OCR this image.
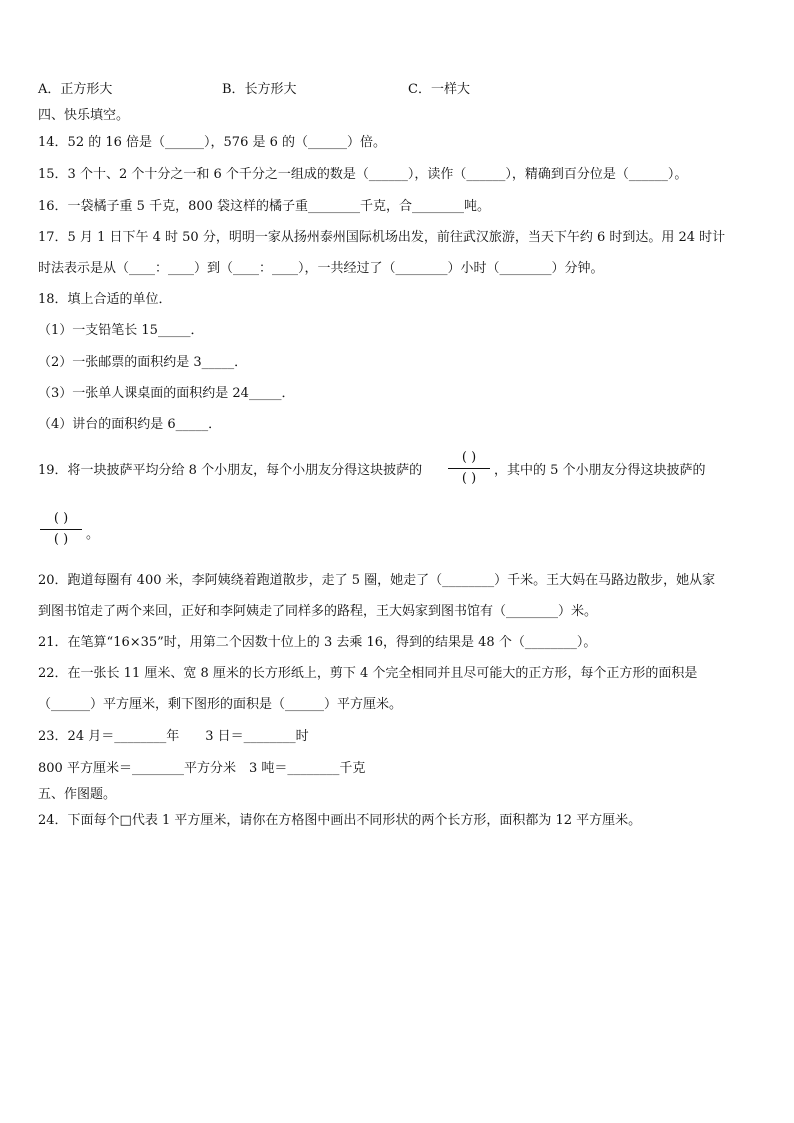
A．正方形大	B．长方形大	C．一样大
四、快乐填空。
14．52 的 16 倍是（______），576 是 6 的（______）倍。
15．3 个十、2 个十分之一和 6 个千分之一组成的数是（______），读作（______），精确到百分位是（______）。
16．一袋橘子重 5 千克，800 袋这样的橘子重________千克，合________吨。
17．5 月 1 日下午 4 时 50 分，明明一家从扬州泰州国际机场出发，前往武汉旅游，当天下午约 6 时到达。用 24 时计
时法表示是从（____：____）到（____：____），一共经过了（________）小时（________）分钟。
18．填上合适的单位．
（1）一支铅笔长 15_____．
（2）一张邮票的面积约是 3_____．
（3）一张单人课桌面的面积约是 24_____．
（4）讲台的面积约是 6_____．
19．将一块披萨平均分给 8 个小朋友，每个小朋友分得这块披萨的
( )
( )
，其中的 5 个小朋友分得这块披萨的
( )
( )	。
20．跑道每圈有 400 米，李阿姨绕着跑道散步，走了 5 圈，她走了（________）千米。王大妈在马路边散步，她从家
到图书馆走了两个来回，正好和李阿姨走了同样多的路程，王大妈家到图书馆有（________）米。
21．在笔算“16×35”时，用第二个因数十位上的 3 去乘 16，得到的结果是 48 个（________）。
22．在一张长 11 厘米、宽 8 厘米的长方形纸上，剪下 4 个完全相同并且尽可能大的正方形，每个正方形的面积是
（______）平方厘米，剩下图形的面积是（______）平方厘米。
23．24 月＝________年　　3 日＝________时
800 平方厘米＝________平方分米　3 吨＝________千克
五、作图题。
24．下面每个□代表 1 平方厘米，请你在方格图中画出不同形状的两个长方形，面积都为 12 平方厘米。
